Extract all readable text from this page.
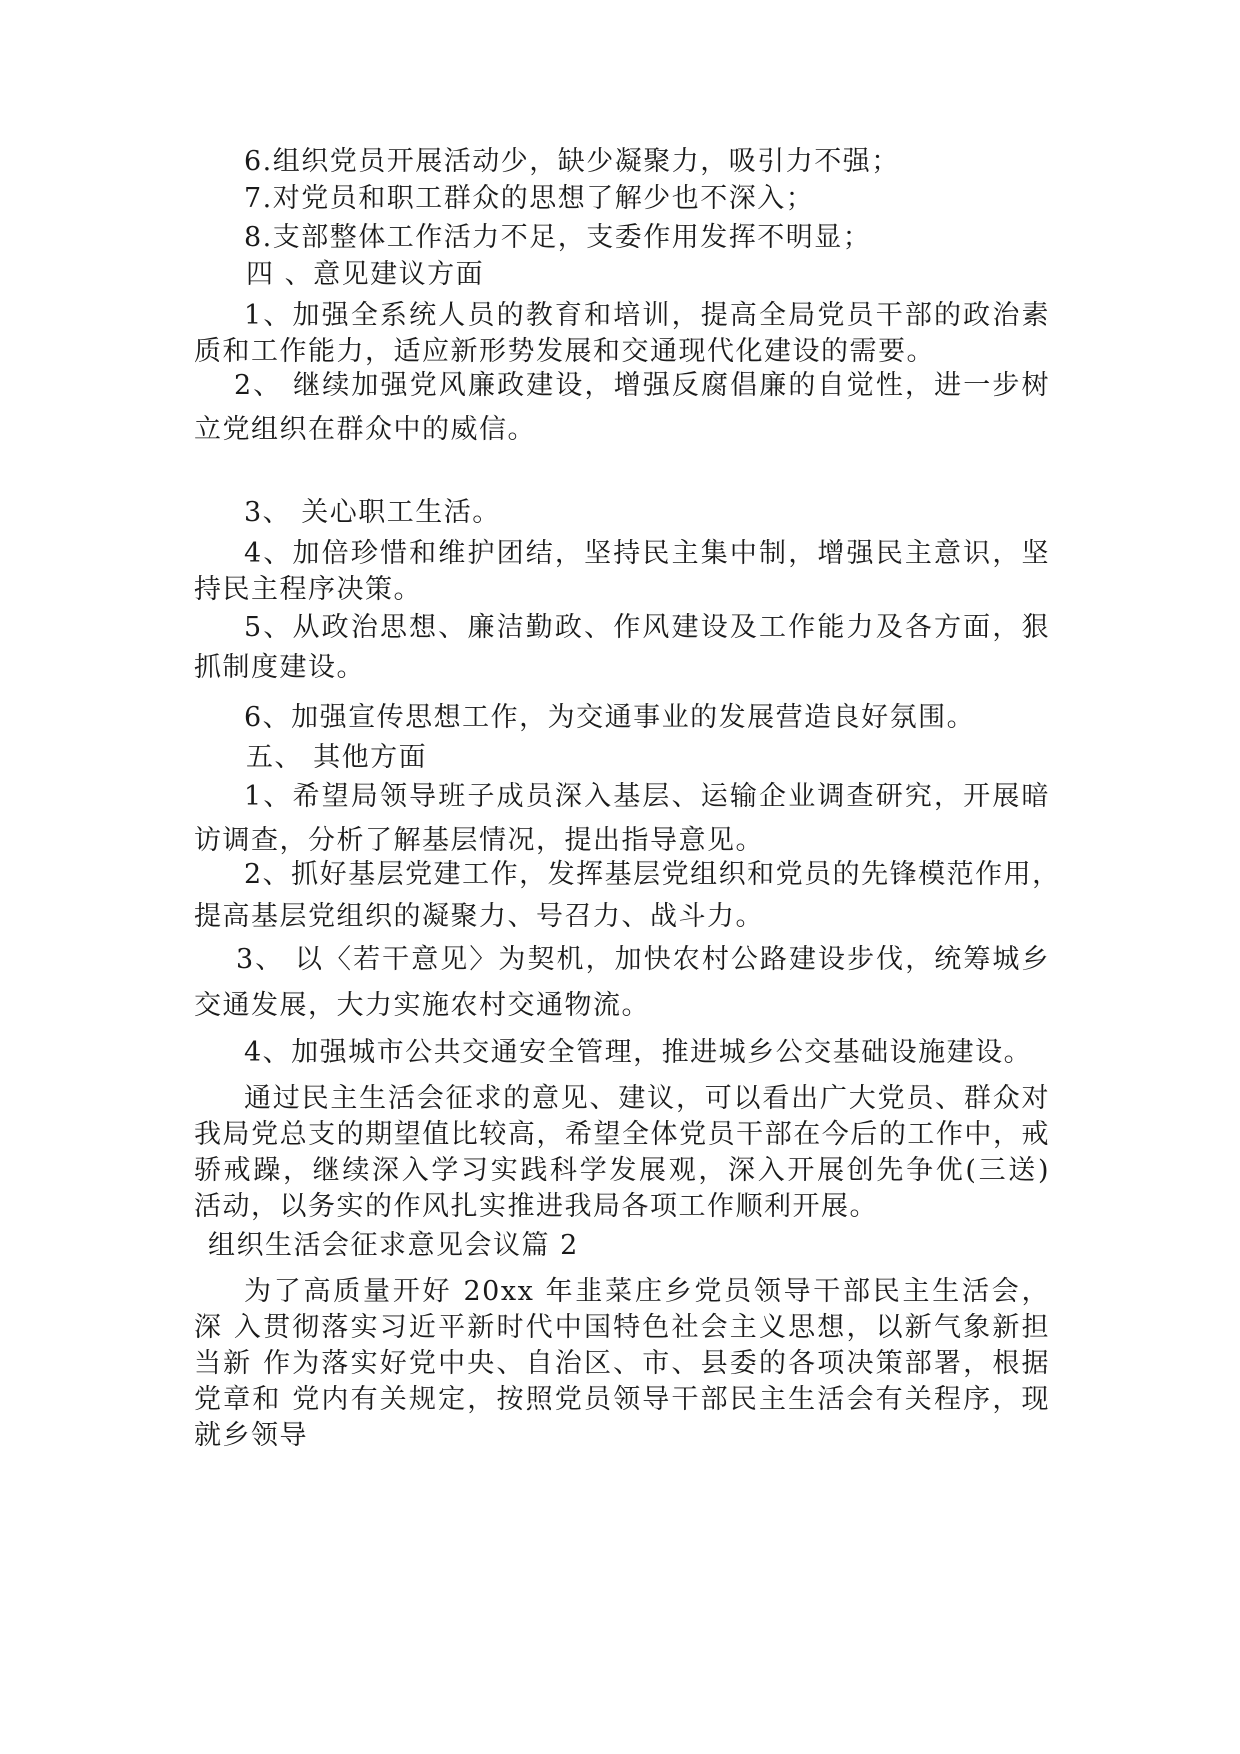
6.组织党员开展活动少，缺少凝聚力，吸引力不强；
7.对党员和职工群众的思想了解少也不深入；
8.支部整体工作活力不足，支委作用发挥不明显；
四 、意见建议方面
1、加强全系统人员的教育和培训，提高全局党员干部的政治素
质和工作能力，适应新形势发展和交通现代化建设的需要。
2、 继续加强党风廉政建设，增强反腐倡廉的自觉性，进一步树
立党组织在群众中的威信。
3、 关心职工生活。
4、加倍珍惜和维护团结，坚持民主集中制，增强民主意识，坚
持民主程序决策。
5、从政治思想、廉洁勤政、作风建设及工作能力及各方面，狠
抓制度建设。
6、加强宣传思想工作，为交通事业的发展营造良好氛围。
五、 其他方面
1、希望局领导班子成员深入基层、运输企业调查研究，开展暗
访调查，分析了解基层情况，提出指导意见。
2、抓好基层党建工作，发挥基层党组织和党员的先锋模范作用，
提高基层党组织的凝聚力、号召力、战斗力。
3、 以〈若干意见〉为契机，加快农村公路建设步伐，统筹城乡
交通发展，大力实施农村交通物流。
4、加强城市公共交通安全管理，推进城乡公交基础设施建设。
通过民主生活会征求的意见、建议，可以看出广大党员、群众对
我局党总支的期望值比较高，希望全体党员干部在今后的工作中，戒
骄戒躁，继续深入学习实践科学发展观，深入开展创先争优(三送)
活动，以务实的作风扎实推进我局各项工作顺利开展。
组织生活会征求意见会议篇 2
为了高质量开好 20xx 年韭菜庄乡党员领导干部民主生活会，
深 入贯彻落实习近平新时代中国特色社会主义思想，以新气象新担
当新 作为落实好党中央、自治区、市、县委的各项决策部署，根据
党章和 党内有关规定，按照党员领导干部民主生活会有关程序，现
就乡领导
